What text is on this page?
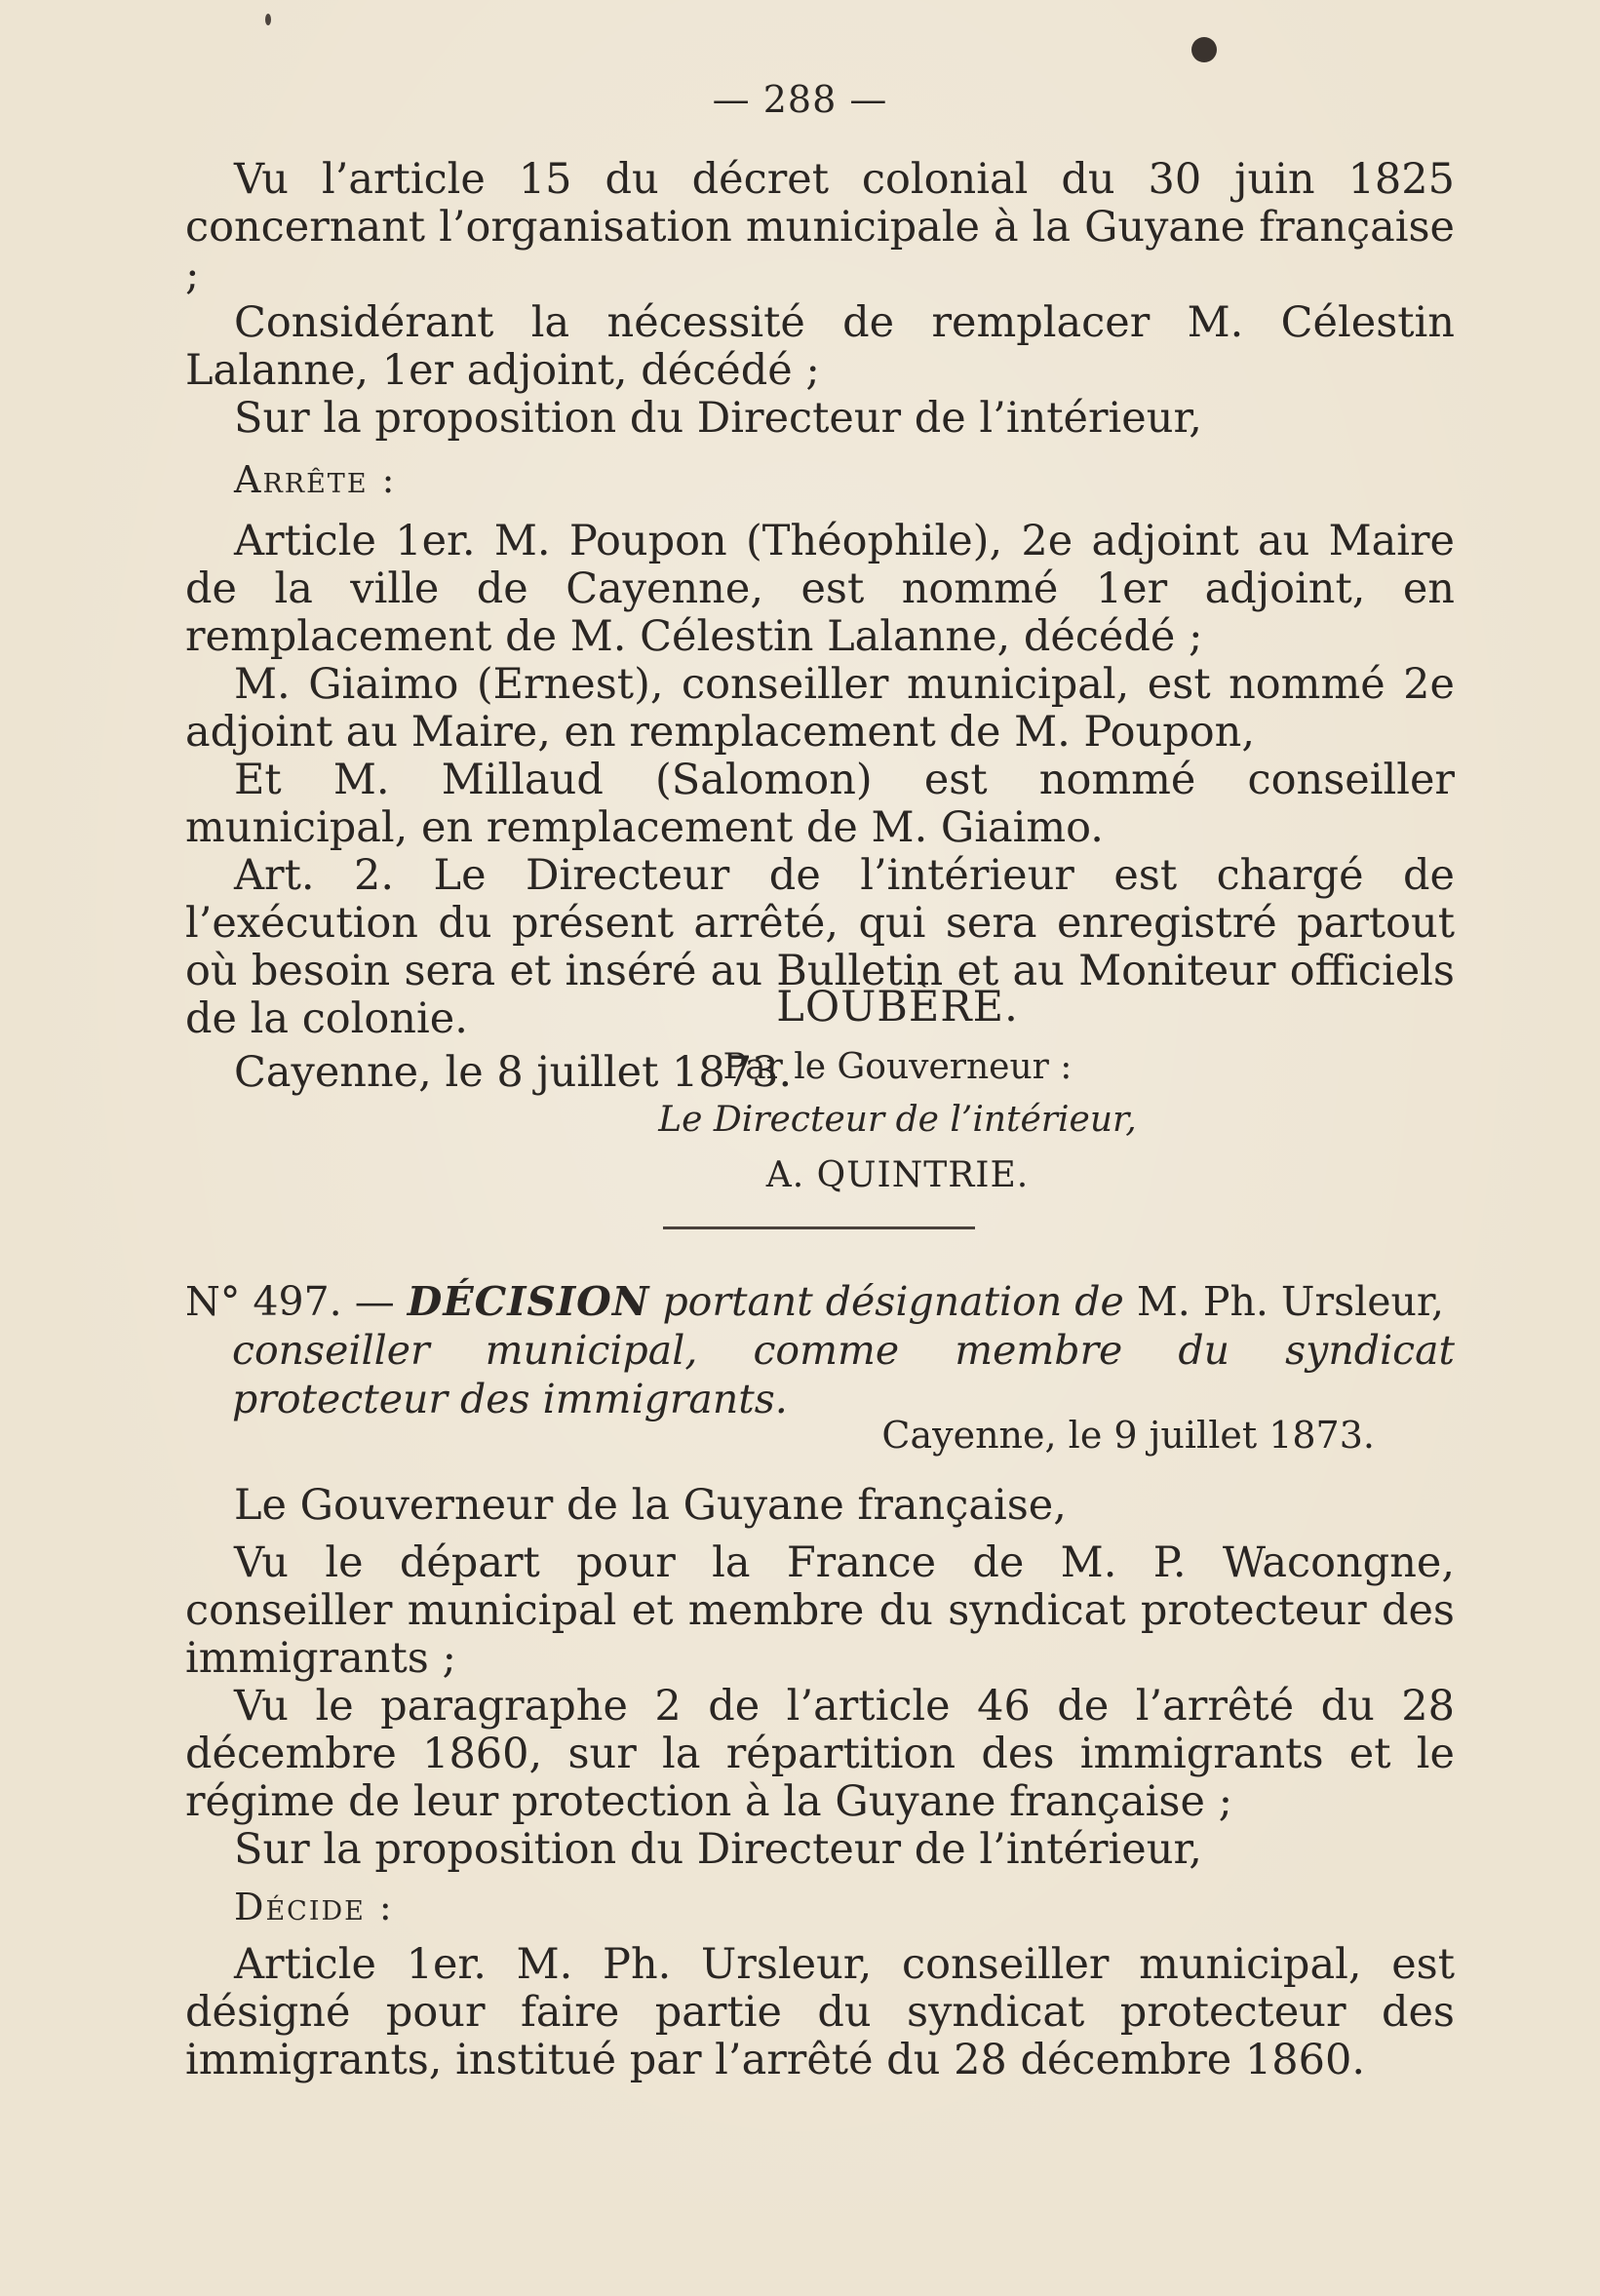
— 288 —

Vu l’article 15 du décret colonial du 30 juin 1825 concernant l’organisation municipale à la Guyane française ;

Considérant la nécessité de remplacer M. Célestin Lalanne, 1er adjoint, décédé ;

Sur la proposition du Directeur de l’intérieur,

Arrête :

Article 1er. M. Poupon (Théophile), 2e adjoint au Maire de la ville de Cayenne, est nommé 1er adjoint, en remplacement de M. Célestin Lalanne, décédé ;

M. Giaimo (Ernest), conseiller municipal, est nommé 2e adjoint au Maire, en remplacement de M. Poupon,

Et M. Millaud (Salomon) est nommé conseiller municipal, en remplacement de M. Giaimo.

Art. 2. Le Directeur de l’intérieur est chargé de l’exécution du présent arrêté, qui sera enregistré partout où besoin sera et inséré au Bulletin et au Moniteur officiels de la colonie.

Cayenne, le 8 juillet 1873.

LOUBÈRE.
Par le Gouverneur :
Le Directeur de l’intérieur,
A. QUINTRIE.
N° 497. — DÉCISION portant désignation de M. Ph. Ursleur,
conseiller municipal, comme membre du syndicat protecteur des immigrants.
Cayenne, le 9 juillet 1873.

Le Gouverneur de la Guyane française,

Vu le départ pour la France de M. P. Wacongne, conseiller municipal et membre du syndicat protecteur des immigrants ;

Vu le paragraphe 2 de l’article 46 de l’arrêté du 28 décembre 1860, sur la répartition des immigrants et le régime de leur protection à la Guyane française ;

Sur la proposition du Directeur de l’intérieur,

Décide :

Article 1er. M. Ph. Ursleur, conseiller municipal, est désigné pour faire partie du syndicat protecteur des immigrants, institué par l’arrêté du 28 décembre 1860.
